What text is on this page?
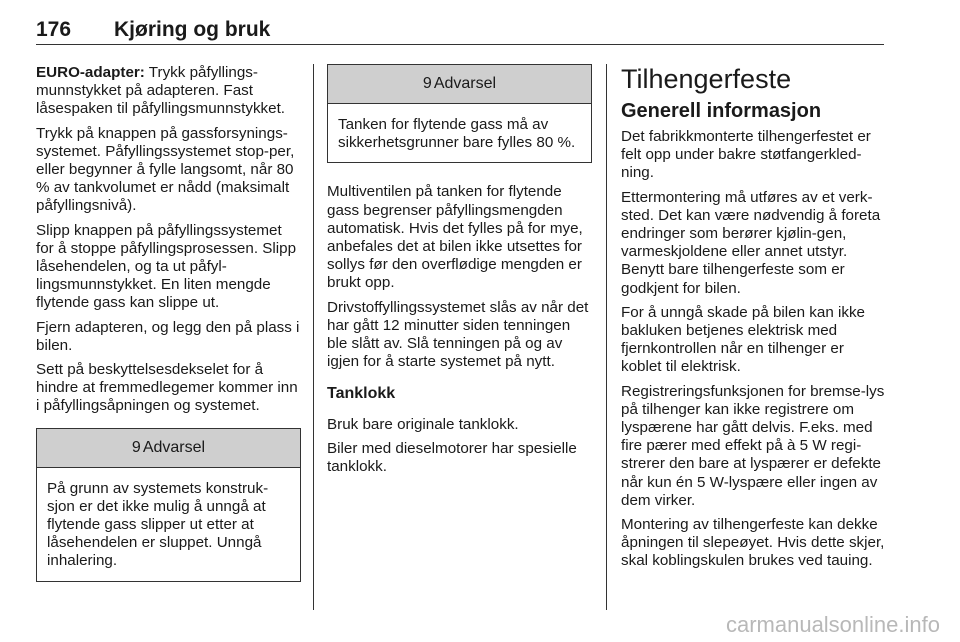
176 Kjøring og bruk

EURO-adapter: Trykk påfyllings-munnstykket på adapteren. Fast låsespaken til påfyllingsmunnstykket.

Trykk på knappen på gassforsynings-systemet. Påfyllingssystemet stop-per, eller begynner å fylle langsomt, når 80 % av tankvolumet er nådd (maksimalt påfyllingsnivå).

Slipp knappen på påfyllingssystemet for å stoppe påfyllingsprosessen. Slipp låsehendelen, og ta ut påfyl-lingsmunnstykket. En liten mengde flytende gass kan slippe ut.

Fjern adapteren, og legg den på plass i bilen.

Sett på beskyttelsesdekselet for å hindre at fremmedlegemer kommer inn i påfyllingsåpningen og systemet.

9 Advarsel
På grunn av systemets konstruk-sjon er det ikke mulig å unngå at flytende gass slipper ut etter at låsehendelen er sluppet. Unngå inhalering.
9 Advarsel
Tanken for flytende gass må av sikkerhetsgrunner bare fylles 80 %.

Multiventilen på tanken for flytende gass begrenser påfyllingsmengden automatisk. Hvis det fylles på for mye, anbefales det at bilen ikke utsettes for sollys før den overflødige mengden er brukt opp.

Drivstoffyllingssystemet slås av når det har gått 12 minutter siden tenningen ble slått av. Slå tenningen på og av igjen for å starte systemet på nytt.

Tanklokk

Bruk bare originale tanklokk.

Biler med dieselmotorer har spesielle tanklokk.

Tilhengerfeste
Generell informasjon

Det fabrikkmonterte tilhengerfestet er felt opp under bakre støtfangerkled-ning.

Ettermontering må utføres av et verk-sted. Det kan være nødvendig å foreta endringer som berører kjølin-gen, varmeskjoldene eller annet utstyr. Benytt bare tilhengerfeste som er godkjent for bilen.

For å unngå skade på bilen kan ikke bakluken betjenes elektrisk med fjernkontrollen når en tilhenger er koblet til elektrisk.

Registreringsfunksjonen for bremse-lys på tilhenger kan ikke registrere om lyspærene har gått delvis. F.eks. med fire pærer med effekt på à 5 W regi-strerer den bare at lyspærer er defekte når kun én 5 W-lyspære eller ingen av dem virker.

Montering av tilhengerfeste kan dekke åpningen til slepeøyet. Hvis dette skjer, skal koblingskulen brukes ved tauing.

carmanualsonline.info
